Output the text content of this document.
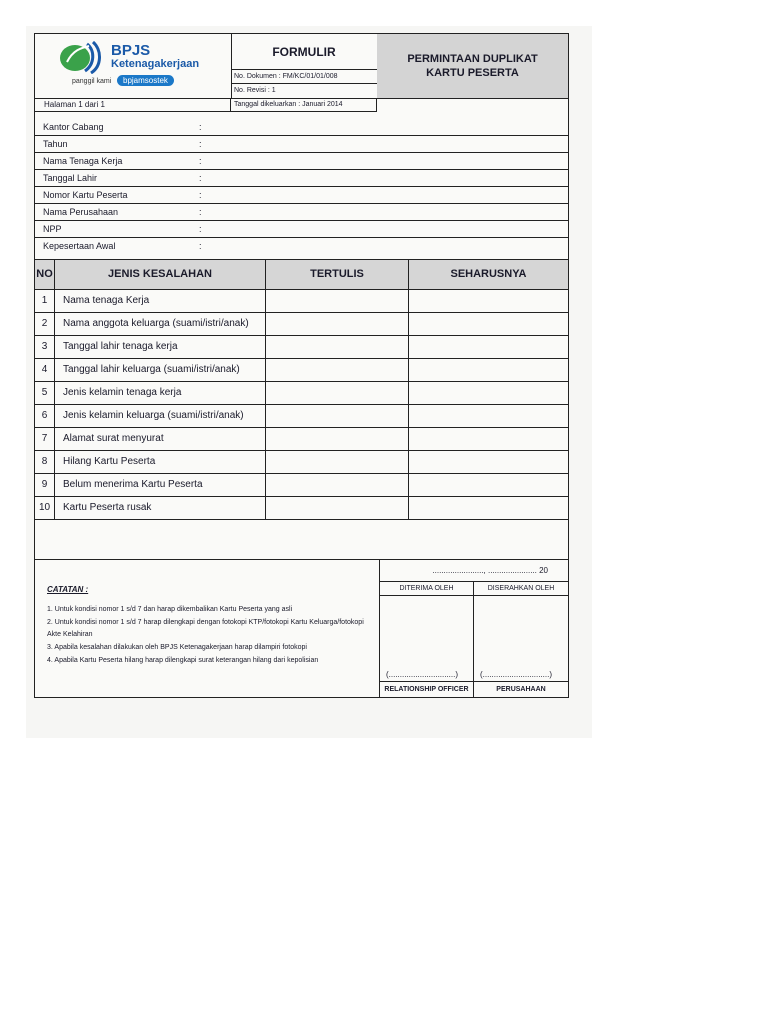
BPJS
Ketenagakerjaan
panggil kami	bpjamsostek
FORMULIR
No. Dokumen : FM/KC/01/01/008
No. Revisi : 1
PERMINTAAN DUPLIKAT
KARTU PESERTA
Halaman 1 dari 1	Tanggal dikeluarkan : Januari 2014
Kantor Cabang	:
Tahun	:
Nama Tenaga Kerja	:
Tanggal Lahir	:
Nomor Kartu Peserta	:
Nama Perusahaan	:
NPP	:
Kepesertaan Awal	:
NO	JENIS KESALAHAN	TERTULIS	SEHARUSNYA
1	Nama tenaga Kerja
2	Nama anggota keluarga (suami/istri/anak)
3	Tanggal lahir tenaga kerja
4	Tanggal lahir keluarga (suami/istri/anak)
5	Jenis kelamin tenaga kerja
6	Jenis kelamin keluarga (suami/istri/anak)
7	Alamat surat menyurat
8	Hilang Kartu Peserta
9	Belum menerima Kartu Peserta
10	Kartu Peserta rusak
CATATAN :
1. Untuk kondisi nomor 1 s/d 7 dan harap dikembalikan Kartu Peserta yang asli
2. Untuk kondisi nomor 1 s/d 7 harap dilengkapi dengan fotokopi KTP/fotokopi Kartu Keluarga/fotokopi Akte Kelahiran
3. Apabila kesalahan dilakukan oleh BPJS Ketenagakerjaan harap dilampiri fotokopi
4. Apabila Kartu Peserta hilang harap dilengkapi surat keterangan hilang dari kepolisian
......................., ...................... 20
DITERIMA OLEH	DISERAHKAN OLEH
(..............................)	(..............................)
RELATIONSHIP OFFICER	PERUSAHAAN
